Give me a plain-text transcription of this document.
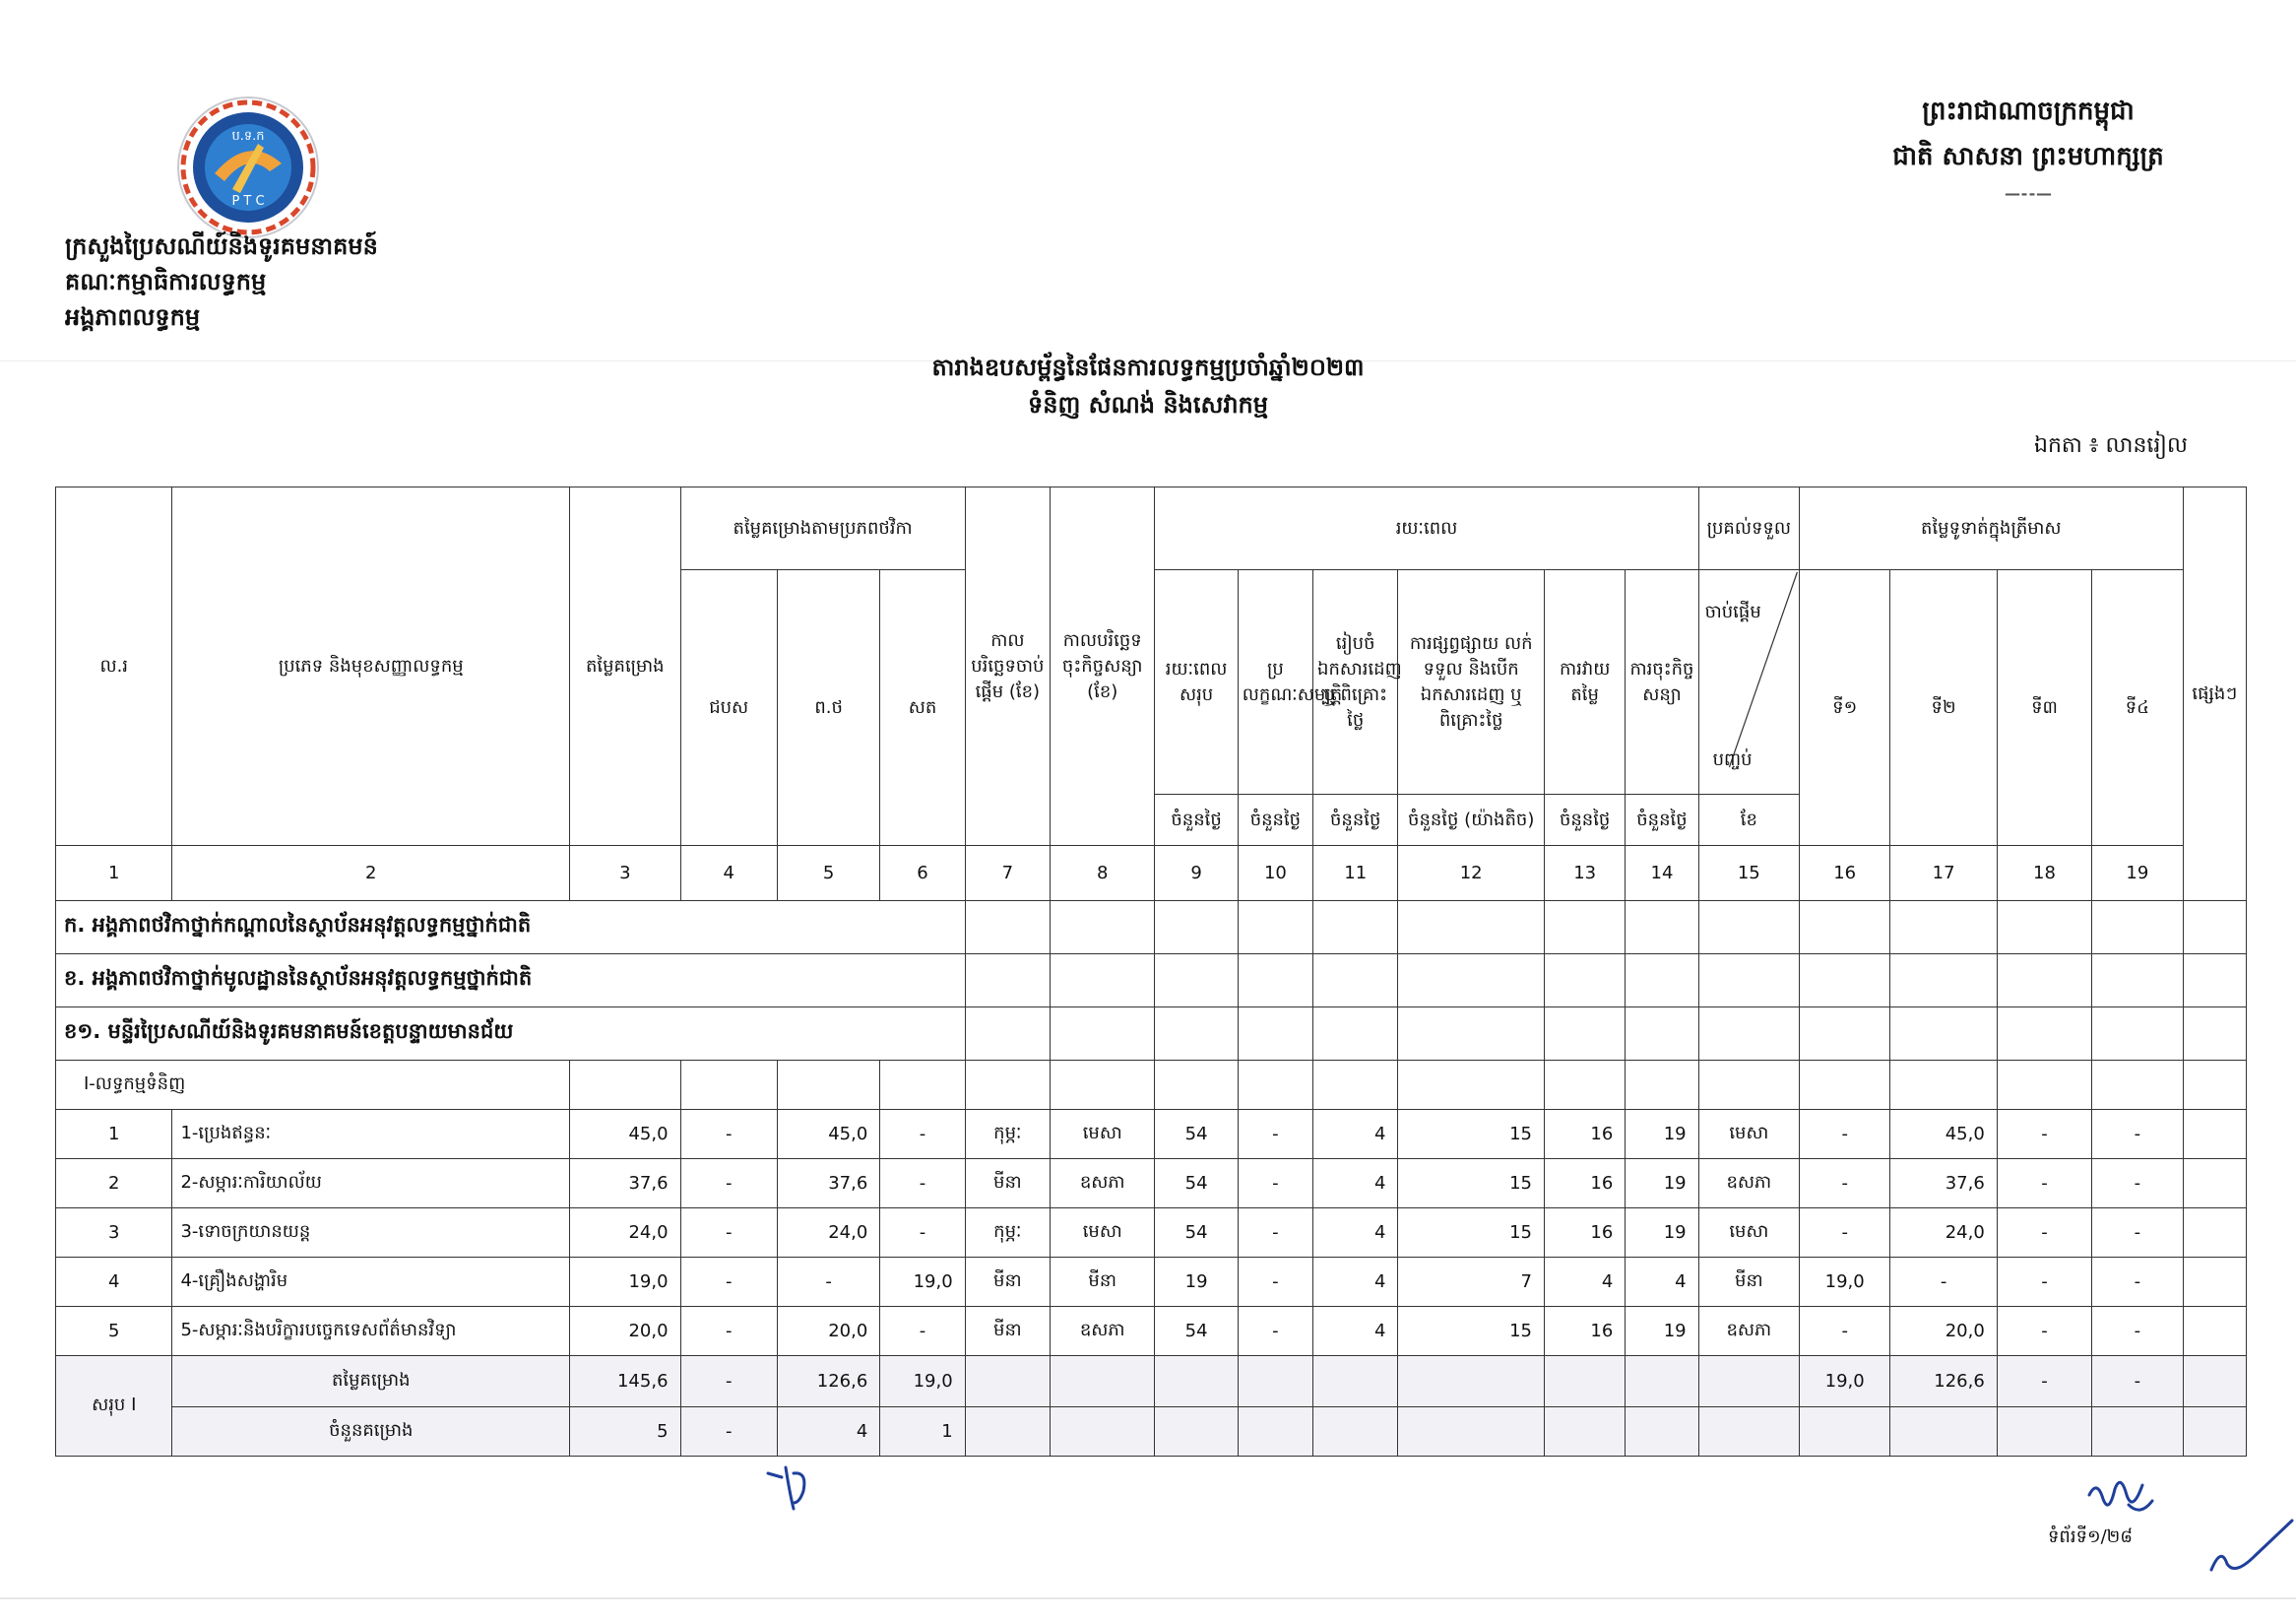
ប.ទ.ក
P T C
ក្រសួងប្រៃសណីយ៍និងទូរគមនាគមន៍
គណៈកម្មាធិការលទ្ធកម្ម
អង្គភាពលទ្ធកម្ម
ព្រះរាជាណាចក្រកម្ពុជា
ជាតិ សាសនា ព្រះមហាក្សត្រ
—⁃⁃—
តារាងឧបសម្ព័ន្ធនៃផែនការលទ្ធកម្មប្រចាំឆ្នាំ២០២៣
ទំនិញ សំណង់ និងសេវាកម្ម
ឯកតា ៖ លានរៀល
ល.រ	ប្រភេទ និងមុខសញ្ញាលទ្ធកម្ម	តម្លៃគម្រោង	តម្លៃគម្រោងតាមប្រភពថវិកា			កាលបរិច្ឆេទចាប់ផ្ដើម (ខែ)	កាលបរិច្ឆេទចុះកិច្ចសន្យា (ខែ)	រយៈពេល						ប្រគល់ទទួល	តម្លៃទូទាត់ក្នុងត្រីមាស				ផ្សេងៗ
			ជបស	ព.ថ	សត			រយៈពេលសរុប	ប្រលក្ខណៈសម្បត្តិ	រៀបចំឯកសារដេញ ឬ ពិគ្រោះថ្លៃ	ការផ្សព្វផ្សាយ លក់ ទទួល និងបើកឯកសារដេញ ឬ ពិគ្រោះថ្លៃ	ការវាយតម្លៃ	ការចុះកិច្ចសន្យា	ចាប់ផ្ដើម
បញ្ចប់	ទី១	ទី២	ទី៣	ទី៤	
								ចំនួនថ្ងៃ	ចំនួនថ្ងៃ	ចំនួនថ្ងៃ	ចំនួនថ្ងៃ (យ៉ាងតិច)	ចំនួនថ្ងៃ	ចំនួនថ្ងៃ	ខែ					
1	2	3	4	5	6	7	8	9	10	11	12	13	14	15	16	17	18	19	
ក. អង្គភាពថវិកាថ្នាក់កណ្ដាលនៃស្ថាប័នអនុវត្តលទ្ធកម្មថ្នាក់ជាតិ																			
ខ. អង្គភាពថវិកាថ្នាក់មូលដ្ឋាននៃស្ថាប័នអនុវត្តលទ្ធកម្មថ្នាក់ជាតិ																			
ខ១. មន្ទីរប្រៃសណីយ៍និងទូរគមនាគមន៍ខេត្តបន្ទាយមានជ័យ																			
I-លទ្ធកម្មទំនិញ																			
1	1-ប្រេងឥន្ធនៈ	45,0	-	45,0	-	កុម្ភៈ	មេសា	54	-	4	15	16	19	មេសា	-	45,0	-	-	
2	2-សម្ភារៈការិយាល័យ	37,6	-	37,6	-	មីនា	ឧសភា	54	-	4	15	16	19	ឧសភា	-	37,6	-	-	
3	3-ទោចក្រយានយន្ត	24,0	-	24,0	-	កុម្ភៈ	មេសា	54	-	4	15	16	19	មេសា	-	24,0	-	-	
4	4-គ្រឿងសង្ហារិម	19,0	-	-	19,0	មីនា	មីនា	19	-	4	7	4	4	មីនា	19,0	-	-	-	
5	5-សម្ភារៈនិងបរិក្ខារបច្ចេកទេសព័ត៌មានវិទ្យា	20,0	-	20,0	-	មីនា	ឧសភា	54	-	4	15	16	19	ឧសភា	-	20,0	-	-	
សរុប I	តម្លៃគម្រោង	145,6	-	126,6	19,0										19,0	126,6	-	-	
	ចំនួនគម្រោង	5	-	4	1														
ទំព័រទី១/២៨
